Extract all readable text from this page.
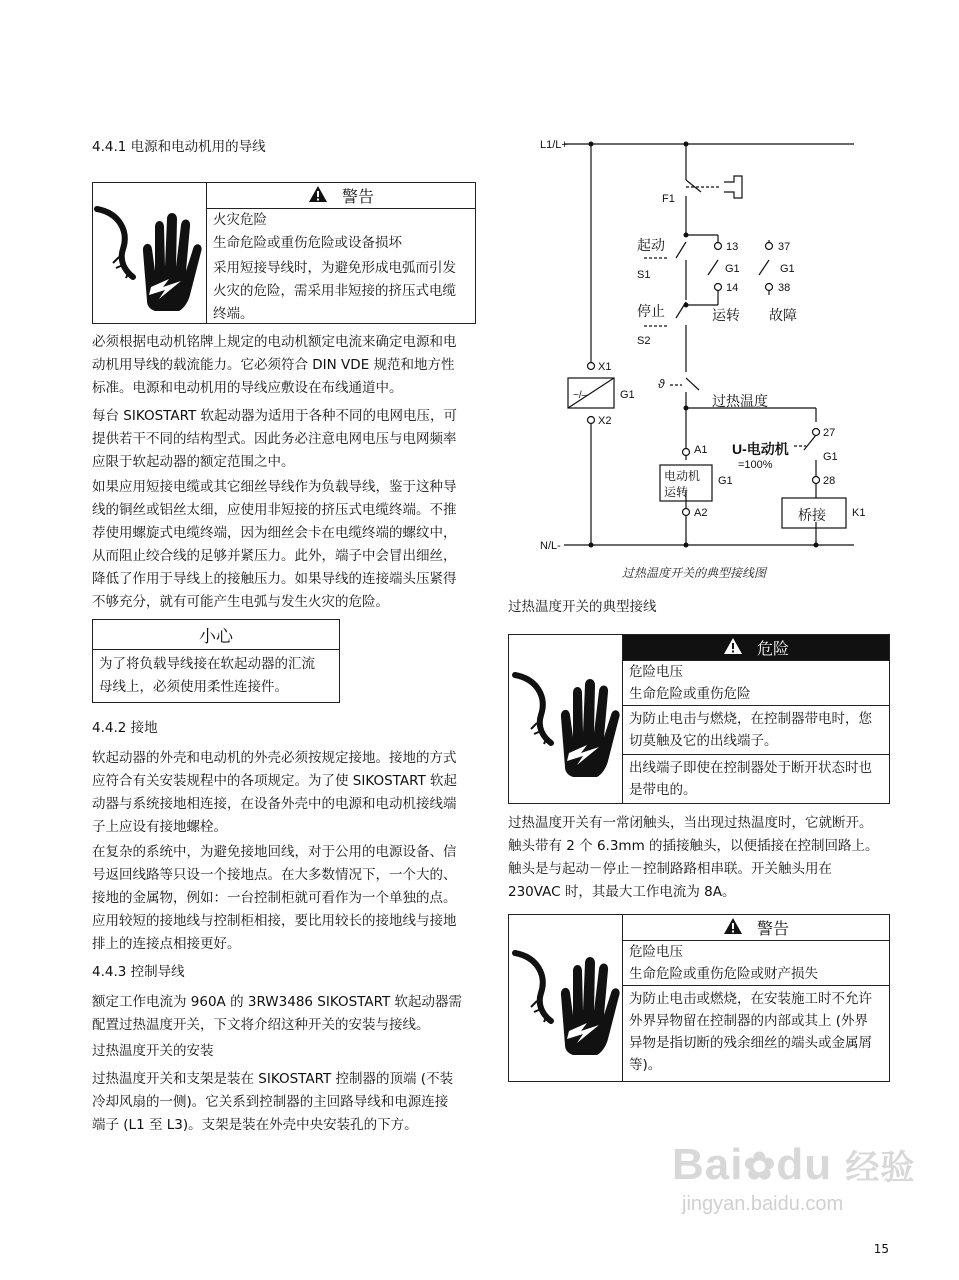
4.4.1 电源和电动机用的导线
警告
火灾危险
生命危险或重伤危险或设备损坏
采用短接导线时，为避免形成电弧而引发
火灾的危险，需采用非短接的挤压式电缆
终端。
必须根据电动机铭牌上规定的电动机额定电流来确定电源和电
动机用导线的载流能力。它必须符合 DIN VDE 规范和地方性
标准。电源和电动机用的导线应敷设在布线通道中。
每台 SIKOSTART 软起动器为适用于各种不同的电网电压，可
提供若干不同的结构型式。因此务必注意电网电压与电网频率
应限于软起动器的额定范围之中。
如果应用短接电缆或其它细丝导线作为负载导线，鉴于这种导
线的铜丝或铝丝太细，应使用非短接的挤压式电缆终端。不推
荐使用螺旋式电缆终端，因为细丝会卡在电缆终端的螺纹中，
从而阻止绞合线的足够并紧压力。此外，端子中会冒出细丝，
降低了作用于导线上的接触压力。如果导线的连接端头压紧得
不够充分，就有可能产生电弧与发生火灾的危险。
小心
为了将负载导线接在软起动器的汇流
母线上，必须使用柔性连接件。
4.4.2 接地
软起动器的外壳和电动机的外壳必须按规定接地。接地的方式
应符合有关安装规程中的各项规定。为了使 SIKOSTART 软起
动器与系统接地相连接，在设备外壳中的电源和电动机接线端
子上应设有接地螺栓。
在复杂的系统中，为避免接地回线，对于公用的电源设备、信
号返回线路等只设一个接地点。在大多数情况下，一个大的、
接地的金属物，例如：一台控制柜就可看作为一个单独的点。
应用较短的接地线与控制柜相接，要比用较长的接地线与接地
排上的连接点相接更好。
4.4.3 控制导线
额定工作电流为 960A 的 3RW3486 SIKOSTART 软起动器需
配置过热温度开关，下文将介绍这种开关的安装与接线。
过热温度开关的安装
过热温度开关和支架是装在 SIKOSTART 控制器的顶端 (不装
冷却风扇的一侧)。它关系到控制器的主回路导线和电源连接
端子 (L1 至 L3)。支架是装在外壳中央安装孔的下方。
L1/L+
N/L-
F1
起动
S1
停止
S2
13
14
37
38
G1	G1
运转 故障
X1
X2
G1
~/–
ϑ
过热温度
A1
A2
电动机
运转
G1
U-电动机
=100%
27
28
G1
桥接 K1
过热温度开关的典型接线图
过热温度开关的典型接线
危险
危险电压
生命危险或重伤危险
为防止电击与燃烧，在控制器带电时，您
切莫触及它的出线端子。
出线端子即使在控制器处于断开状态时也
是带电的。
过热温度开关有一常闭触头，当出现过热温度时，它就断开。
触头带有 2 个 6.3mm 的插接触头，以便插接在控制回路上。
触头是与起动－停止－控制路路相串联。开关触头用在
230VAC 时，其最大工作电流为 8A。
警告
危险电压
生命危险或重伤危险或财产损失
为防止电击或燃烧，在安装施工时不允许
外界异物留在控制器的内部或其上 (外界
异物是指切断的残余细丝的端头或金属屑
等)。
Bai✿du 经验
jingyan.baidu.com
15
